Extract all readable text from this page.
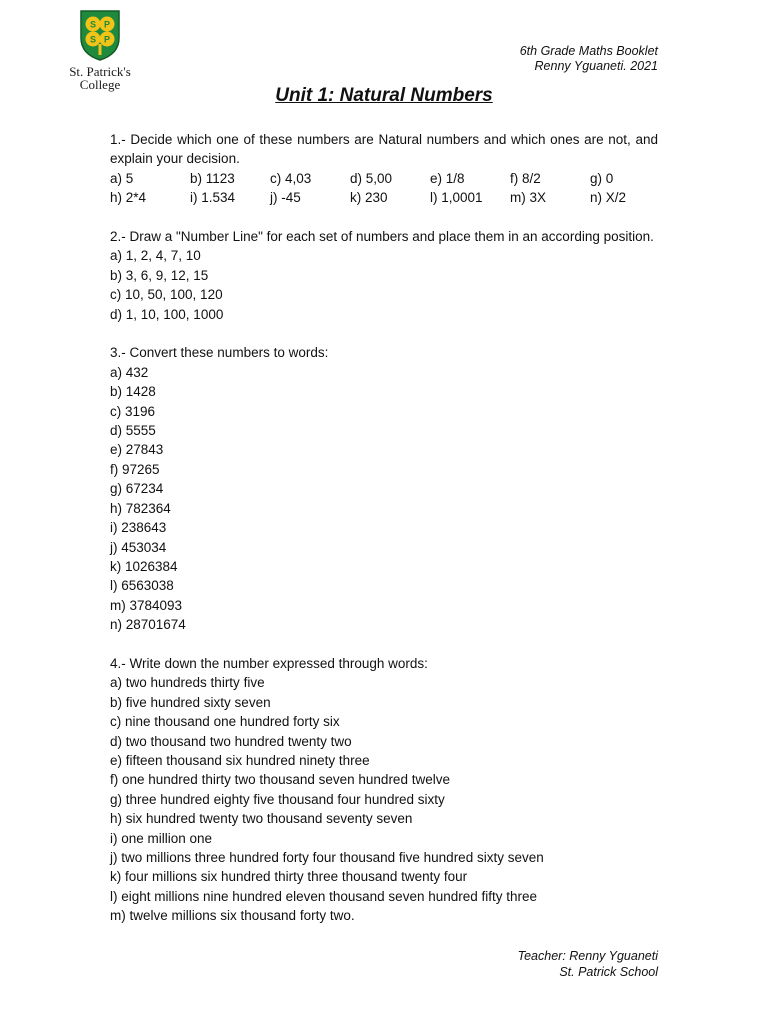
S P
S P
St. Patrick's
College
6th Grade Maths Booklet
Renny Yguaneti. 2021
Unit 1: Natural Numbers

1.- Decide which one of these numbers are Natural numbers and which ones are not, and explain your decision.

a) 5	b) 1123	c) 4,03	d) 5,00	e) 1/8	f) 8/2	g) 0
h) 2*4	i) 1.534	j) -45	k) 230	l) 1,0001	m) 3X	n) X/2

2.- Draw a "Number Line" for each set of numbers and place them in an according position.

a) 1, 2, 4, 7, 10
b) 3, 6, 9, 12, 15
c) 10, 50, 100, 120
d) 1, 10, 100, 1000

3.- Convert these numbers to words:

a) 432
b) 1428
c) 3196
d) 5555
e) 27843
f) 97265
g) 67234
h) 782364
i) 238643
j) 453034
k) 1026384
l) 6563038
m) 3784093
n) 28701674

4.- Write down the number expressed through words:

a) two hundreds thirty five
b) five hundred sixty seven
c) nine thousand one hundred forty six
d) two thousand two hundred twenty two
e) fifteen thousand six hundred ninety three
f) one hundred thirty two thousand seven hundred twelve
g) three hundred eighty five thousand four hundred sixty
h) six hundred twenty two thousand seventy seven
i) one million one
j) two millions three hundred forty four thousand five hundred sixty seven
k) four millions six hundred thirty three thousand twenty four
l) eight millions nine hundred eleven thousand seven hundred fifty three
m) twelve millions six thousand forty two.
Teacher: Renny Yguaneti
St. Patrick School
